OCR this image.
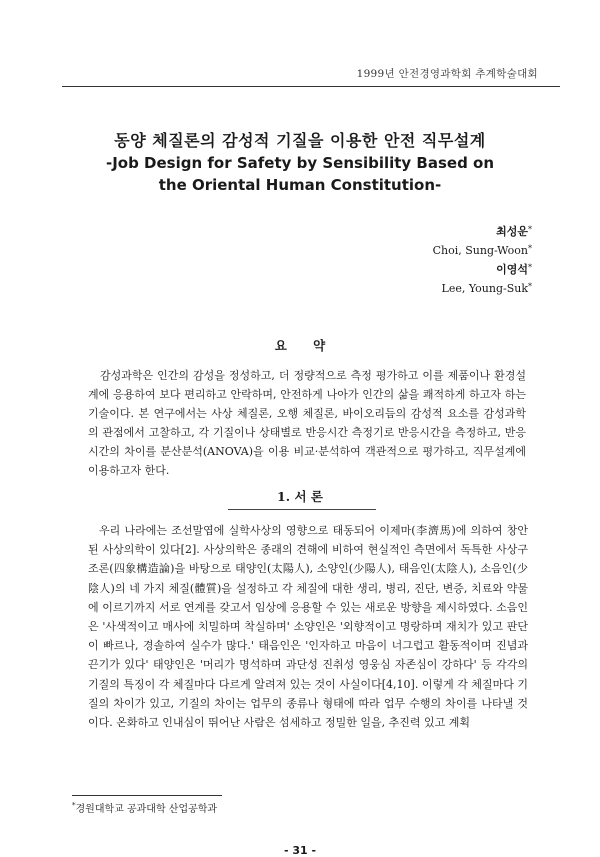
1999년 안전경영과학회 추계학술대회
동양 체질론의 감성적 기질을 이용한 안전 직무설계
-Job Design for Safety by Sensibility Based on
the Oriental Human Constitution-
최성운*
Choi, Sung-Woon*
이영석*
Lee, Young-Suk*
요 약

감성과학은 인간의 감성을 정성하고, 더 정량적으로 측정 평가하고 이를 제품이나 환경설계에 응용하여 보다 편리하고 안락하며, 안전하게 나아가 인간의 삶을 쾌적하게 하고자 하는 기술이다. 본 연구에서는 사상 체질론, 오행 체질론, 바이오리듬의 감성적 요소를 감성과학의 관점에서 고찰하고, 각 기질이나 상태별로 반응시간 측정기로 반응시간을 측정하고, 반응시간의 차이를 분산분석(ANOVA)을 이용 비교·분석하여 객관적으로 평가하고, 직무설계에 이용하고자 한다.

1. 서 론

우리 나라에는 조선말엽에 실학사상의 영향으로 태동되어 이제마(李濟馬)에 의하여 창안된 사상의학이 있다[2]. 사상의학은 종래의 견해에 비하여 현실적인 측면에서 독특한 사상구조론(四象構造論)을 바탕으로 태양인(太陽人), 소양인(少陽人), 태음인(太陰人), 소음인(少陰人)의 네 가지 체질(體質)을 설정하고 각 체질에 대한 생리, 병리, 진단, 변증, 치료와 약물에 이르기까지 서로 연계를 갖고서 임상에 응용할 수 있는 새로운 방향을 제시하였다. 소음인은 '사색적이고 매사에 치밀하며 착실하며' 소양인은 '외향적이고 명랑하며 재치가 있고 판단이 빠르나, 경솔하여 실수가 많다.' 태음인은 '인자하고 마음이 너그럽고 활동적이며 진념과 끈기가 있다' 태양인은 '머리가 명석하며 과단성 진취성 영웅심 자존심이 강하다' 등 각각의 기질의 특징이 각 체질마다 다르게 알려져 있는 것이 사실이다[4,10]. 이렇게 각 체질마다 기질의 차이가 있고, 기질의 차이는 업무의 종류나 형태에 따라 업무 수행의 차이를 나타낼 것이다. 온화하고 인내심이 뛰어난 사람은 섬세하고 정밀한 일을, 추진력 있고 계획

*경원대학교 공과대학 산업공학과
- 31 -
